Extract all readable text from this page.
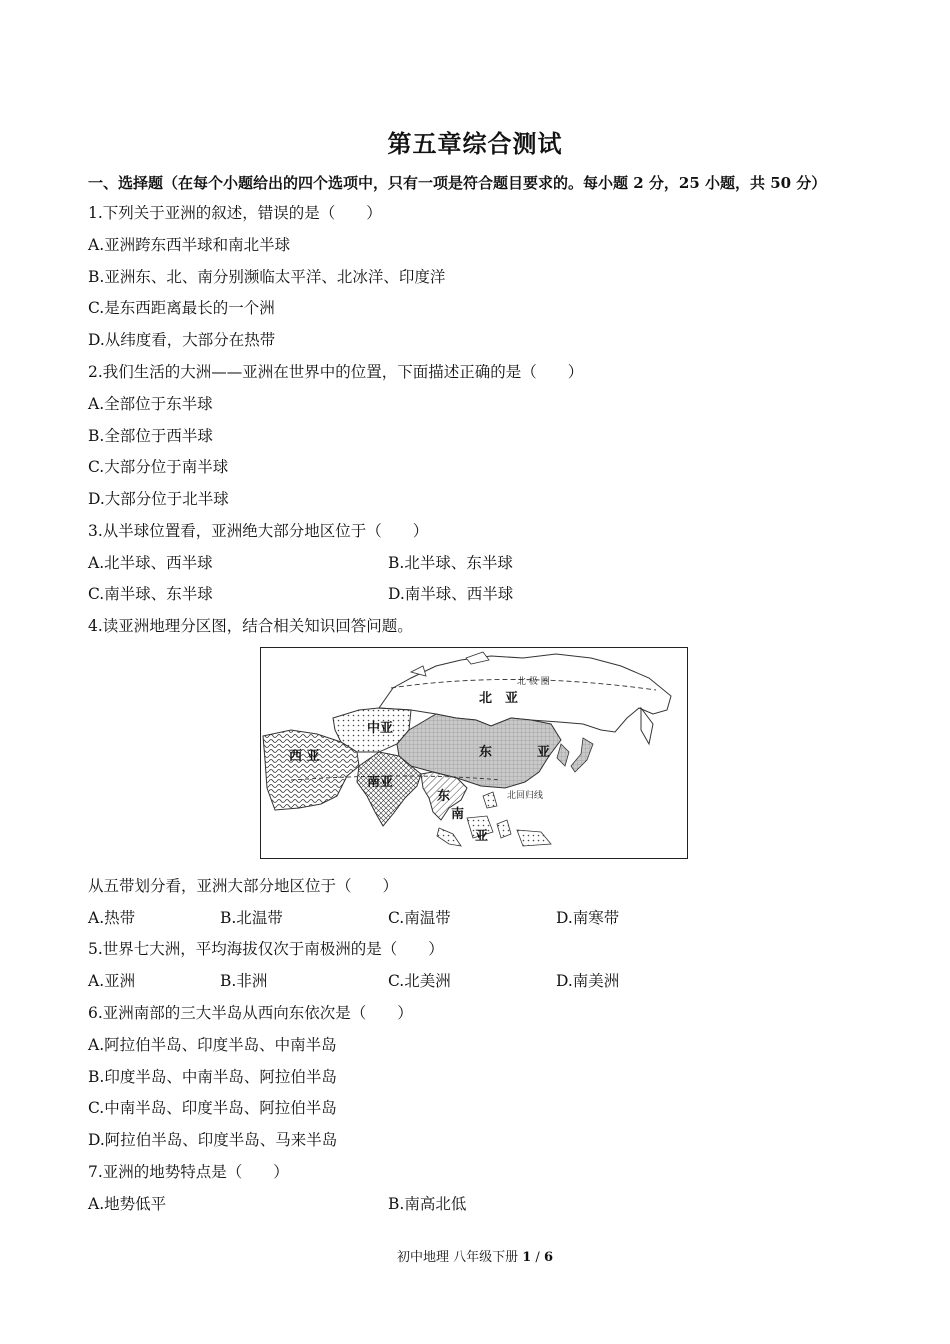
第五章综合测试
一、选择题（在每个小题给出的四个选项中，只有一项是符合题目要求的。每小题 2 分，25 小题，共 50 分）
1.下列关于亚洲的叙述，错误的是（　　）
A.亚洲跨东西半球和南北半球
B.亚洲东、北、南分别濒临太平洋、北冰洋、印度洋
C.是东西距离最长的一个洲
D.从纬度看，大部分在热带
2.我们生活的大洲——亚洲在世界中的位置，下面描述正确的是（　　）
A.全部位于东半球
B.全部位于西半球
C.大部分位于南半球
D.大部分位于北半球
3.从半球位置看，亚洲绝大部分地区位于（　　）
A.北半球、西半球	B.北半球、东半球
C.南半球、东半球	D.南半球、西半球
4.读亚洲地理分区图，结合相关知识回答问题。
北　亚
中亚
西 亚
南亚
东	亚
东
南
亚
北 极 圈
北回归线
从五带划分看，亚洲大部分地区位于（　　）
A.热带	B.北温带	C.南温带	D.南寒带
5.世界七大洲，平均海拔仅次于南极洲的是（　　）
A.亚洲	B.非洲	C.北美洲	D.南美洲
6.亚洲南部的三大半岛从西向东依次是（　　）
A.阿拉伯半岛、印度半岛、中南半岛
B.印度半岛、中南半岛、阿拉伯半岛
C.中南半岛、印度半岛、阿拉伯半岛
D.阿拉伯半岛、印度半岛、马来半岛
7.亚洲的地势特点是（　　）
A.地势低平	B.南高北低
初中地理 八年级下册 1 / 6
